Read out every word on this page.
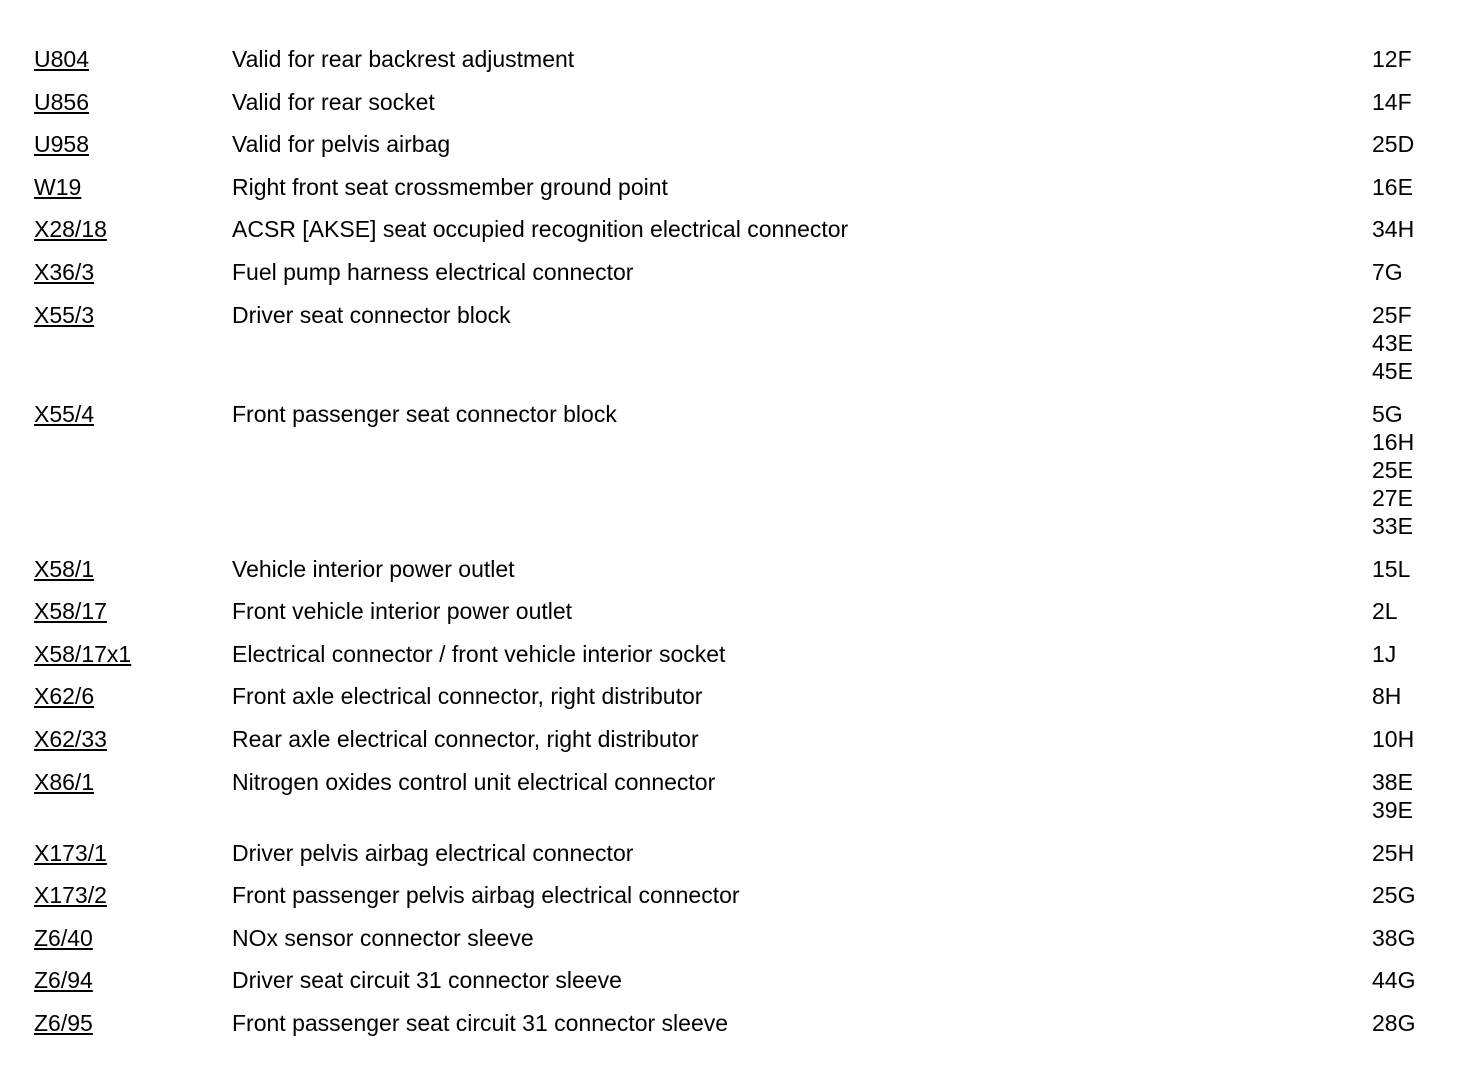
U804	Valid for rear backrest adjustment	12F
U856	Valid for rear socket	14F
U958	Valid for pelvis airbag	25D
W19	Right front seat crossmember ground point	16E
X28/18	ACSR [AKSE] seat occupied recognition electrical connector	34H
X36/3	Fuel pump harness electrical connector	7G
X55/3	Driver seat connector block	25F
43E
45E
X55/4	Front passenger seat connector block	5G
16H
25E
27E
33E
X58/1	Vehicle interior power outlet	15L
X58/17	Front vehicle interior power outlet	2L
X58/17x1	Electrical connector / front vehicle interior socket	1J
X62/6	Front axle electrical connector, right distributor	8H
X62/33	Rear axle electrical connector, right distributor	10H
X86/1	Nitrogen oxides control unit electrical connector	38E
39E
X173/1	Driver pelvis airbag electrical connector	25H
X173/2	Front passenger pelvis airbag electrical connector	25G
Z6/40	NOx sensor connector sleeve	38G
Z6/94	Driver seat circuit 31 connector sleeve	44G
Z6/95	Front passenger seat circuit 31 connector sleeve	28G
